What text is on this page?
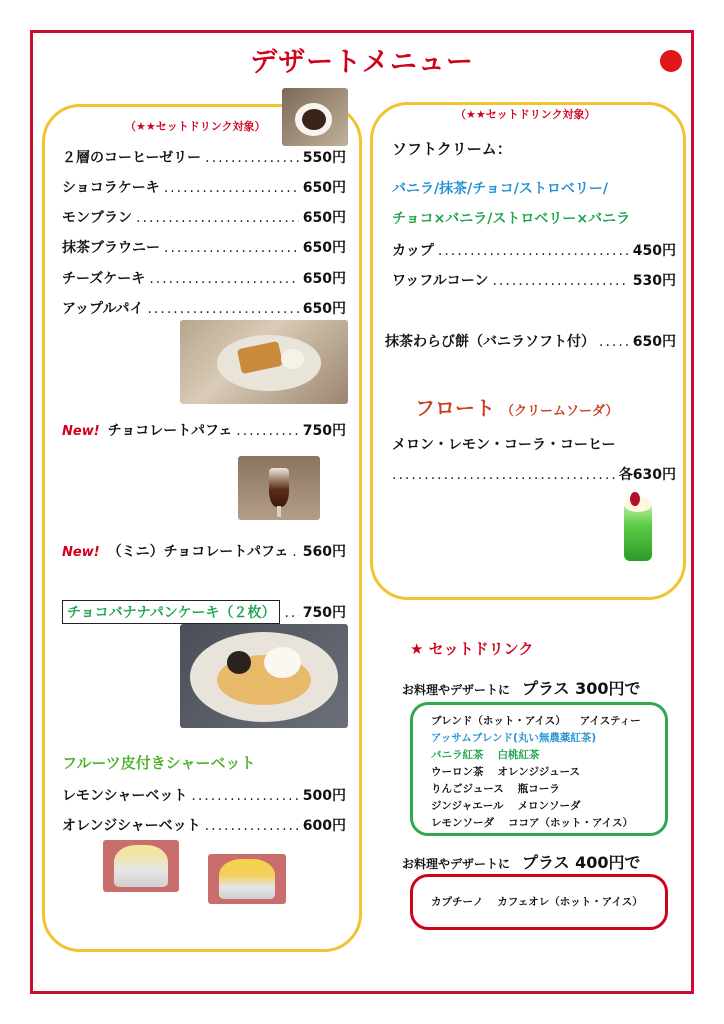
デザートメニュー
（★★セットドリンク対象）
２層のコーヒーゼリー .....	550円
ショコラケーキ .....	650円
モンブラン .....	650円
抹茶ブラウニー .....	650円
チーズケーキ .....	650円
アップルパイ .....	650円
New! チョコレートパフェ .....	750円
New! （ミニ）チョコレートパフェ ..... 560円
チョコバナナパンケーキ（２枚） .....	750円
フルーツ皮付きシャーベット
レモンシャーベット .....	500円
オレンジシャーベット .....	600円
（★★セットドリンク対象）
ソフトクリーム：
バニラ/抹茶/チョコ/ストロベリー/
チョコ×バニラ/ストロベリー×バニラ
カップ .....	450円
ワッフルコーン .....	530円
抹茶わらび餅（バニラソフト付） .....	650円
フロート （クリームソーダ）
メロン・レモン・コーラ・コーヒー
.....
各630円
★ セットドリンク
お料理やデザートに プラス 300円で
ブレンド（ホット・アイス） アイスティー
アッサムブレンド(丸い無農薬紅茶)
バニラ紅茶 白桃紅茶
ウーロン茶 オレンジジュース
りんごジュース 瓶コーラ
ジンジャエール メロンソーダ
レモンソーダ ココア（ホット・アイス）
お料理やデザートに プラス 400円で
カプチーノ カフェオレ（ホット・アイス）
